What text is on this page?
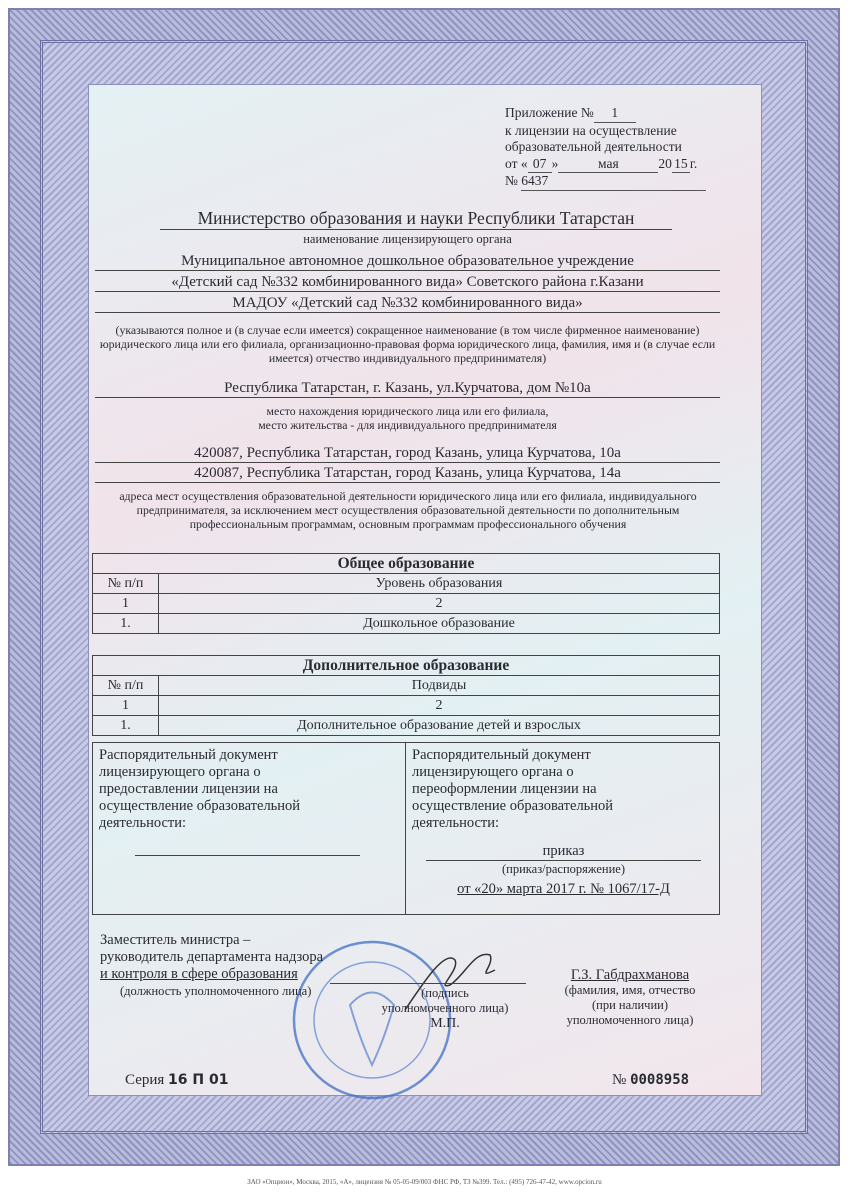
Приложение № 1
к лицензии на осуществление
образовательной деятельности
от « 07 »	мая	20 15 г.
№ 6437
Министерство образования и науки Республики Татарстан
наименование лицензирующего органа
Муниципальное автономное дошкольное образовательное учреждение
«Детский сад №332 комбинированного вида» Советского района г.Казани
МАДОУ «Детский сад №332 комбинированного вида»
(указываются полное и (в случае если имеется) сокращенное наименование (в том числе фирменное наименование) юридического лица или его филиала, организационно-правовая форма юридического лица, фамилия, имя и (в случае если имеется) отчество индивидуального предпринимателя)
Республика Татарстан, г. Казань, ул.Курчатова, дом №10а
место нахождения юридического лица или его филиала,
место жительства - для индивидуального предпринимателя
420087, Республика Татарстан, город Казань, улица Курчатова, 10а
420087, Республика Татарстан, город Казань, улица Курчатова, 14а
адреса мест осуществления образовательной деятельности юридического лица или его филиала, индивидуального предпринимателя, за исключением мест осуществления образовательной деятельности по дополнительным профессиональным программам, основным программам профессионального обучения
Общее образование	
№ п/п	Уровень образования
1	2
1.	Дошкольное образование
Дополнительное образование	
№ п/п	Подвиды
1	2
1.	Дополнительное образование детей и взрослых
Распорядительный документ лицензирующего органа о предоставлении лицензии на осуществление образовательной деятельности:
Распорядительный документ лицензирующего органа о переоформлении лицензии на осуществление образовательной деятельности:
приказ
(приказ/распоряжение)
от «20» марта 2017 г. № 1067/17-Д
Заместитель министра –
руководитель департамента надзора
и контроля в сфере образования
(должность уполномоченного лица)	(подпись
уполномоченного лица)
М.П.
Г.З. Габдрахманова
(фамилия, имя, отчество
(при наличии)
уполномоченного лица)
Серия 16 П 01	№ 0008958
ЗАО «Опцион», Москва, 2015, «А», лицензия № 05-05-09/003 ФНС РФ, ТЗ №399. Тел.: (495) 726-47-42, www.opcion.ru
